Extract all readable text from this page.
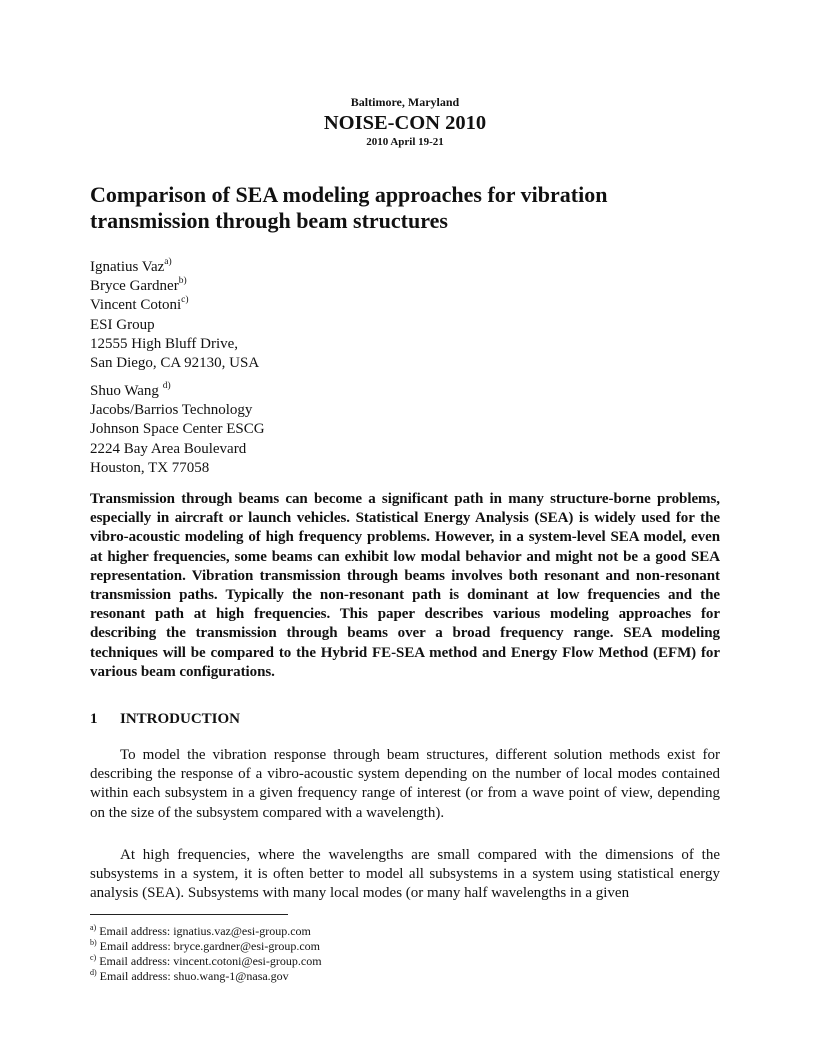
Baltimore, Maryland
NOISE-CON 2010
2010 April 19-21
Comparison of SEA modeling approaches for vibration transmission through beam structures
Ignatius Vaz$^{a)}$
Bryce Gardner$^{b)}$
Vincent Cotoni$^{c)}$
ESI Group
12555 High Bluff Drive,
San Diego, CA 92130, USA
Shuo Wang $^{d)}$
Jacobs/Barrios Technology
Johnson Space Center ESCG
2224 Bay Area Boulevard
Houston, TX 77058

Transmission through beams can become a significant path in many structure-borne problems, especially in aircraft or launch vehicles. Statistical Energy Analysis (SEA) is widely used for the vibro-acoustic modeling of high frequency problems. However, in a system-level SEA model, even at higher frequencies, some beams can exhibit low modal behavior and might not be a good SEA representation. Vibration transmission through beams involves both resonant and non-resonant transmission paths. Typically the non-resonant path is dominant at low frequencies and the resonant path at high frequencies. This paper describes various modeling approaches for describing the transmission through beams over a broad frequency range. SEA modeling techniques will be compared to the Hybrid FE-SEA method and Energy Flow Method (EFM) for various beam configurations.

1 INTRODUCTION

To model the vibration response through beam structures, different solution methods exist for describing the response of a vibro-acoustic system depending on the number of local modes contained within each subsystem in a given frequency range of interest (or from a wave point of view, depending on the size of the subsystem compared with a wavelength).

At high frequencies, where the wavelengths are small compared with the dimensions of the subsystems in a system, it is often better to model all subsystems in a system using statistical energy analysis (SEA). Subsystems with many local modes (or many half wavelengths in a given

$^{a)}$ Email address: ignatius.vaz@esi-group.com
$^{b)}$ Email address: bryce.gardner@esi-group.com
$^{c)}$ Email address: vincent.cotoni@esi-group.com
$^{d)}$ Email address: shuo.wang-1@nasa.gov
